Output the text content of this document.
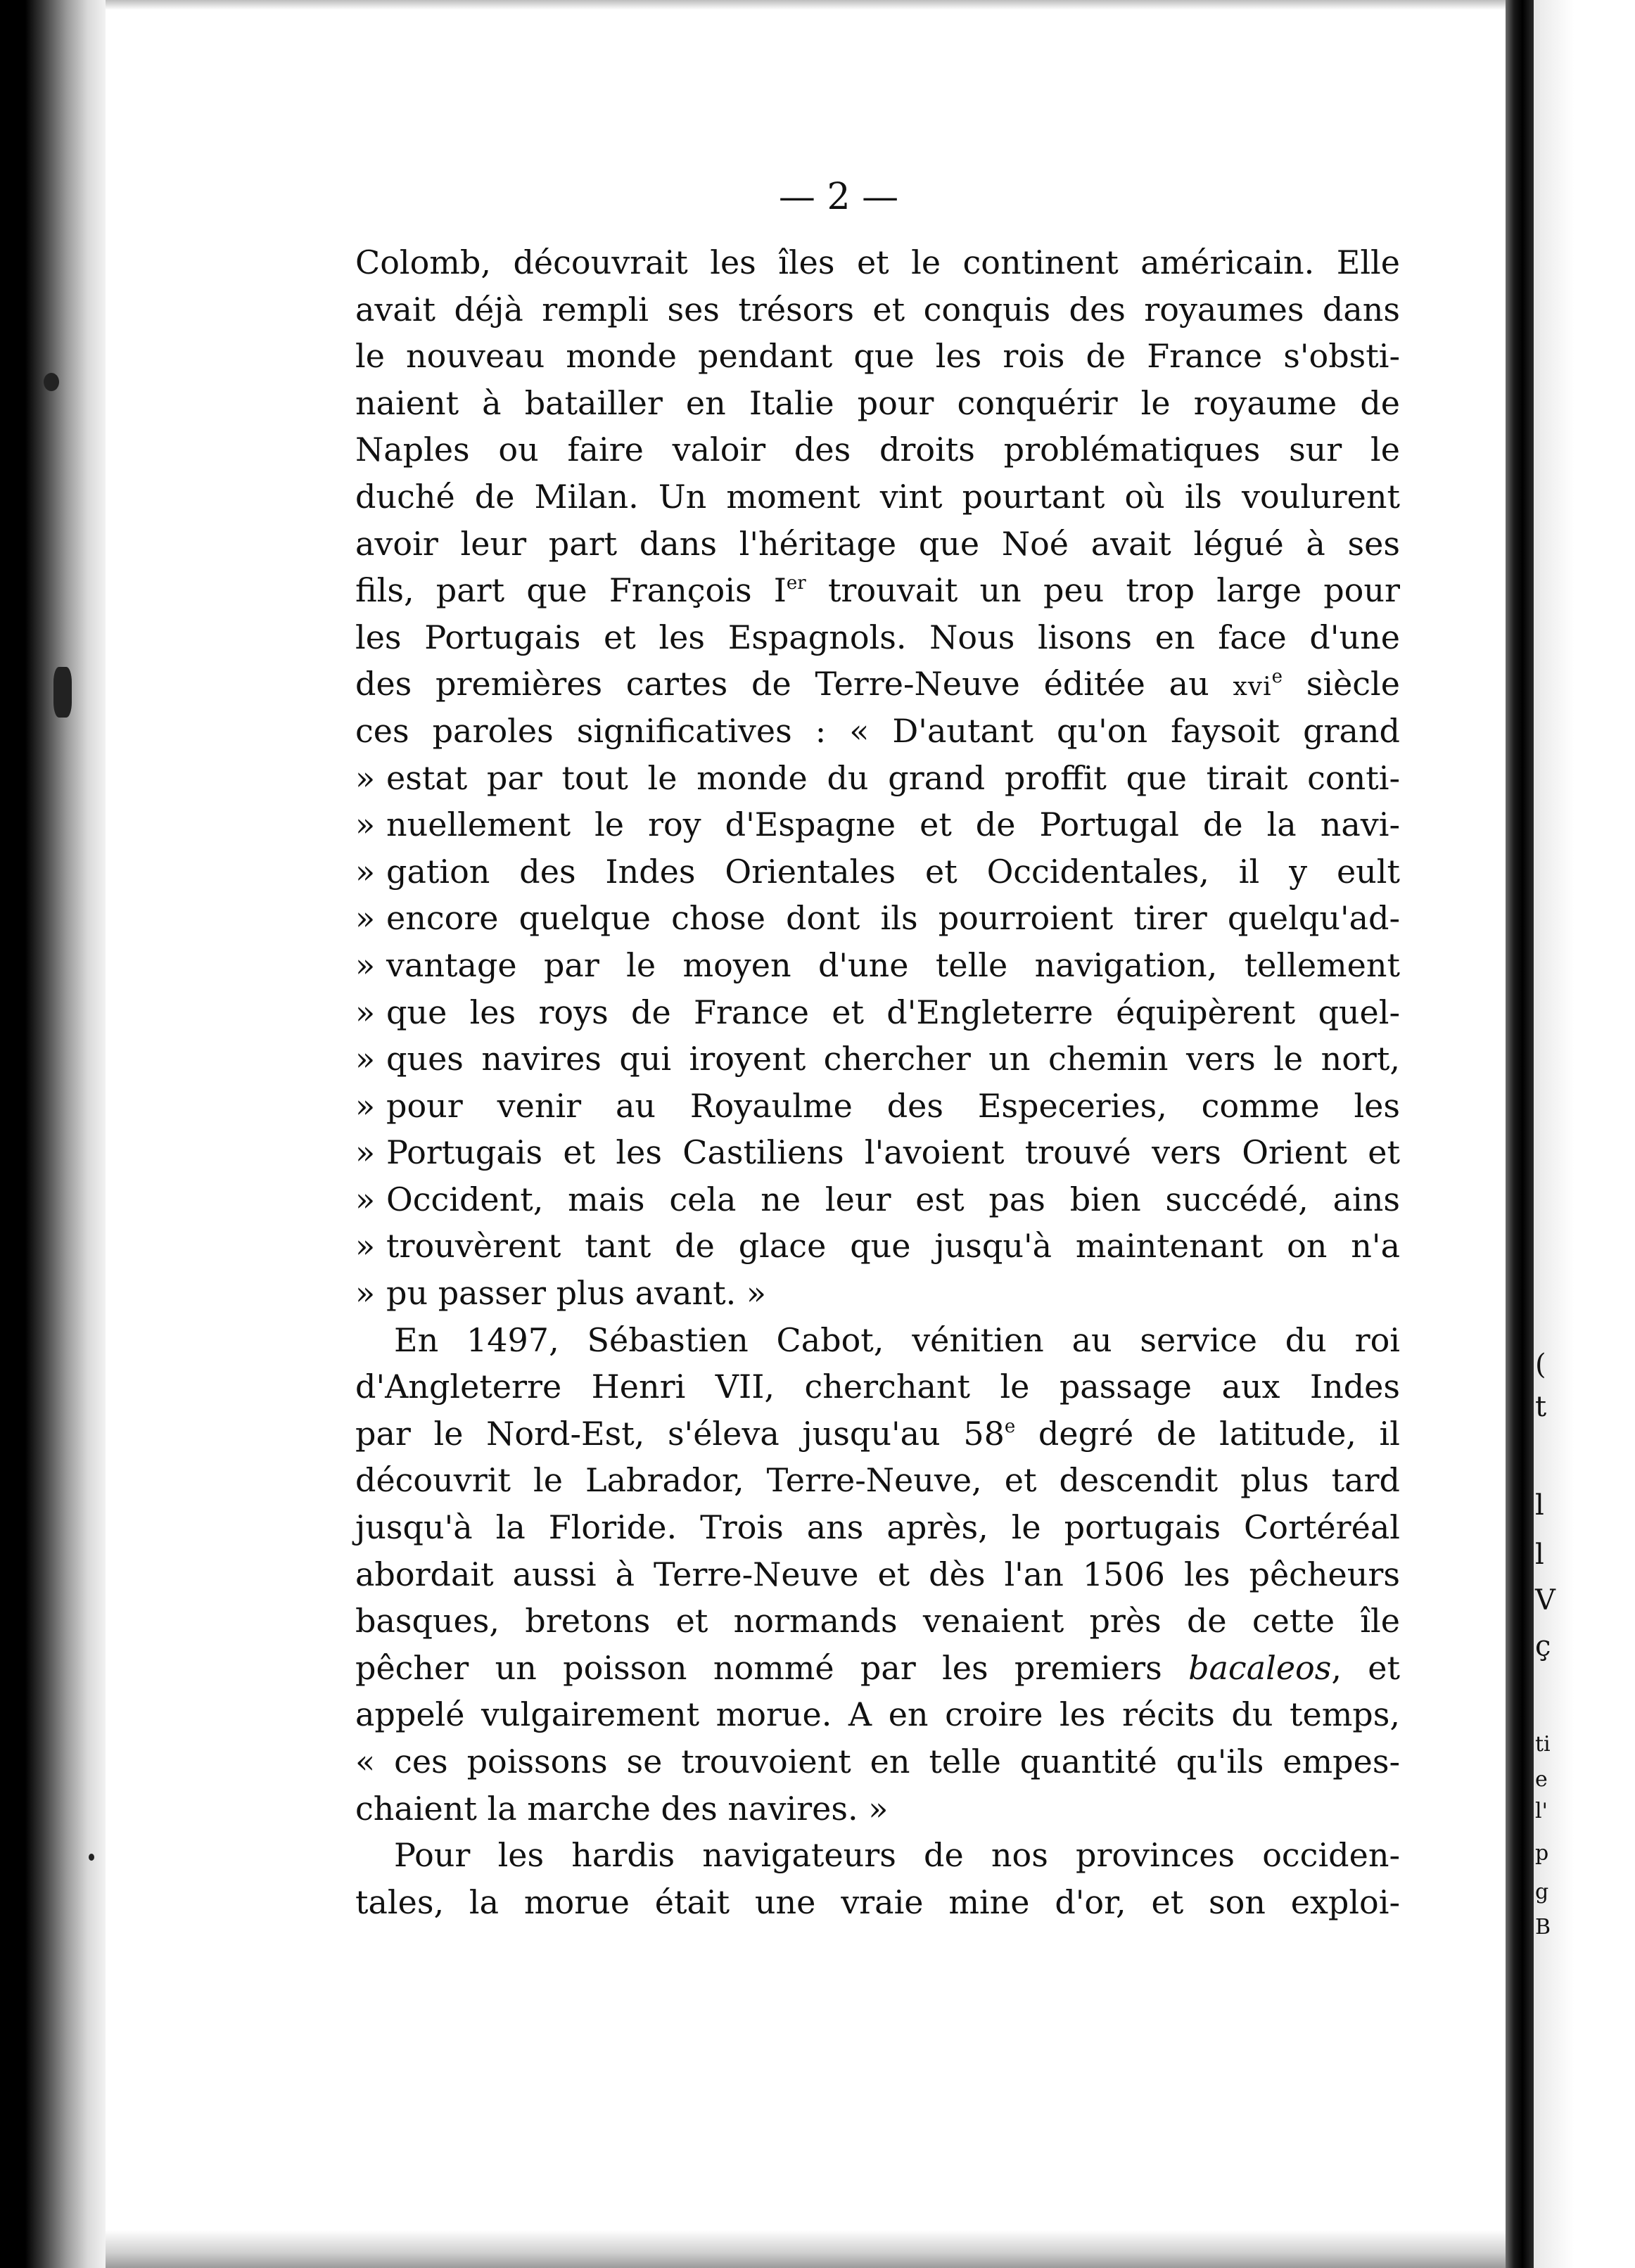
(
t
l
l
V
ç
ti
e
l'
p
g
B
— 2 —
Colomb, découvrait les îles et le continent américain. Elle
avait déjà rempli ses trésors et conquis des royaumes dans
le nouveau monde pendant que les rois de France s'obsti-
naient à batailler en Italie pour conquérir le royaume de
Naples ou faire valoir des droits problématiques sur le
duché de Milan. Un moment vint pourtant où ils voulurent
avoir leur part dans l'héritage que Noé avait légué à ses
fils, part que François Ier trouvait un peu trop large pour
les Portugais et les Espagnols. Nous lisons en face d'une
des premières cartes de Terre-Neuve éditée au xvi$^e$ siècle
ces paroles significatives : « D'autant qu'on faysoit grand
» estat par tout le monde du grand proffit que tirait conti-
» nuellement le roy d'Espagne et de Portugal de la navi-
» gation des Indes Orientales et Occidentales, il y eult
» encore quelque chose dont ils pourroient tirer quelqu'ad-
» vantage par le moyen d'une telle navigation, tellement
» que les roys de France et d'Engleterre équipèrent quel-
» ques navires qui iroyent chercher un chemin vers le nort,
» pour venir au Royaulme des Especeries, comme les
» Portugais et les Castiliens l'avoient trouvé vers Orient et
» Occident, mais cela ne leur est pas bien succédé, ains
» trouvèrent tant de glace que jusqu'à maintenant on n'a
» pu passer plus avant. »
En 1497, Sébastien Cabot, vénitien au service du roi
d'Angleterre Henri VII, cherchant le passage aux Indes
par le Nord-Est, s'éleva jusqu'au 58e degré de latitude, il
découvrit le Labrador, Terre-Neuve, et descendit plus tard
jusqu'à la Floride. Trois ans après, le portugais Cortéréal
abordait aussi à Terre-Neuve et dès l'an 1506 les pêcheurs
basques, bretons et normands venaient près de cette île
pêcher un poisson nommé par les premiers bacaleos, et
appelé vulgairement morue. A en croire les récits du temps,
« ces poissons se trouvoient en telle quantité qu'ils empes-
chaient la marche des navires. »
Pour les hardis navigateurs de nos provinces occiden-
tales, la morue était une vraie mine d'or, et son exploi-
